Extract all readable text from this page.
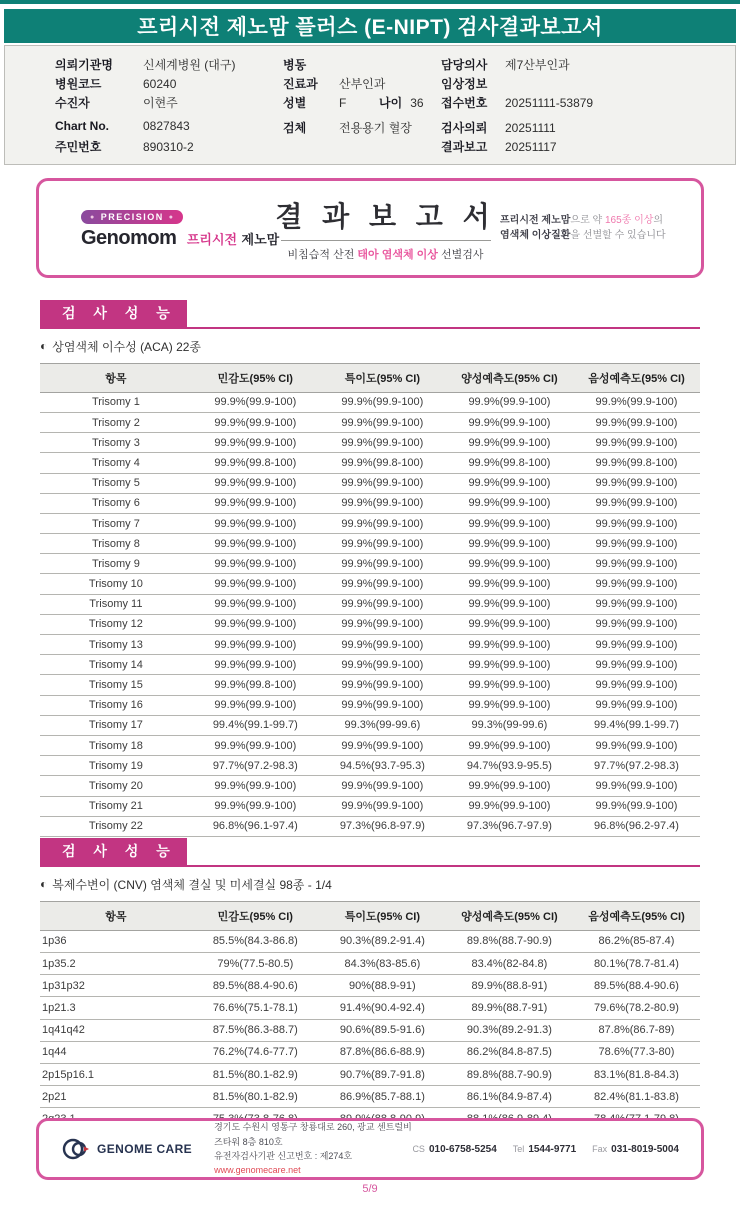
프리시전 제노맘 플러스 (E-NIPT) 검사결과보고서
의뢰기관명	신세계병원 (대구)
병원코드	60240
수진자	이현주
Chart No.	0827843
주민번호	890310-2
병동
진료과	산부인과
성별	F	나이 36
검체	전용용기 혈장
담당의사	제7산부인과
임상정보
접수번호	20251111-53879
검사의뢰	20251111
결과보고	20251117
● PRECISION ●
Genomom 프리시전 제노맘

결 과 보 고 서

비침습적 산전 태아 염색체 이상 선별검사
프리시전 제노맘으로 약 165종 이상의
염색체 이상질환을 선별할 수 있습니다
검 사 성 능
◐ 상염색체 이수성 (ACA) 22종
항목	민감도(95% CI)	특이도(95% CI)	양성예측도(95% CI)	음성예측도(95% CI)
Trisomy 1	99.9%(99.9-100)	99.9%(99.9-100)	99.9%(99.9-100)	99.9%(99.9-100)
Trisomy 2	99.9%(99.9-100)	99.9%(99.9-100)	99.9%(99.9-100)	99.9%(99.9-100)
Trisomy 3	99.9%(99.9-100)	99.9%(99.9-100)	99.9%(99.9-100)	99.9%(99.9-100)
Trisomy 4	99.9%(99.8-100)	99.9%(99.8-100)	99.9%(99.8-100)	99.9%(99.8-100)
Trisomy 5	99.9%(99.9-100)	99.9%(99.9-100)	99.9%(99.9-100)	99.9%(99.9-100)
Trisomy 6	99.9%(99.9-100)	99.9%(99.9-100)	99.9%(99.9-100)	99.9%(99.9-100)
Trisomy 7	99.9%(99.9-100)	99.9%(99.9-100)	99.9%(99.9-100)	99.9%(99.9-100)
Trisomy 8	99.9%(99.9-100)	99.9%(99.9-100)	99.9%(99.9-100)	99.9%(99.9-100)
Trisomy 9	99.9%(99.9-100)	99.9%(99.9-100)	99.9%(99.9-100)	99.9%(99.9-100)
Trisomy 10	99.9%(99.9-100)	99.9%(99.9-100)	99.9%(99.9-100)	99.9%(99.9-100)
Trisomy 11	99.9%(99.9-100)	99.9%(99.9-100)	99.9%(99.9-100)	99.9%(99.9-100)
Trisomy 12	99.9%(99.9-100)	99.9%(99.9-100)	99.9%(99.9-100)	99.9%(99.9-100)
Trisomy 13	99.9%(99.9-100)	99.9%(99.9-100)	99.9%(99.9-100)	99.9%(99.9-100)
Trisomy 14	99.9%(99.9-100)	99.9%(99.9-100)	99.9%(99.9-100)	99.9%(99.9-100)
Trisomy 15	99.9%(99.8-100)	99.9%(99.9-100)	99.9%(99.9-100)	99.9%(99.9-100)
Trisomy 16	99.9%(99.9-100)	99.9%(99.9-100)	99.9%(99.9-100)	99.9%(99.9-100)
Trisomy 17	99.4%(99.1-99.7)	99.3%(99-99.6)	99.3%(99-99.6)	99.4%(99.1-99.7)
Trisomy 18	99.9%(99.9-100)	99.9%(99.9-100)	99.9%(99.9-100)	99.9%(99.9-100)
Trisomy 19	97.7%(97.2-98.3)	94.5%(93.7-95.3)	94.7%(93.9-95.5)	97.7%(97.2-98.3)
Trisomy 20	99.9%(99.9-100)	99.9%(99.9-100)	99.9%(99.9-100)	99.9%(99.9-100)
Trisomy 21	99.9%(99.9-100)	99.9%(99.9-100)	99.9%(99.9-100)	99.9%(99.9-100)
Trisomy 22	96.8%(96.1-97.4)	97.3%(96.8-97.9)	97.3%(96.7-97.9)	96.8%(96.2-97.4)
검 사 성 능
◐ 복제수변이 (CNV) 염색체 결실 및 미세결실 98종 - 1/4
항목	민감도(95% CI)	특이도(95% CI)	양성예측도(95% CI)	음성예측도(95% CI)
1p36	85.5%(84.3-86.8)	90.3%(89.2-91.4)	89.8%(88.7-90.9)	86.2%(85-87.4)
1p35.2	79%(77.5-80.5)	84.3%(83-85.6)	83.4%(82-84.8)	80.1%(78.7-81.4)
1p31p32	89.5%(88.4-90.6)	90%(88.9-91)	89.9%(88.8-91)	89.5%(88.4-90.6)
1p21.3	76.6%(75.1-78.1)	91.4%(90.4-92.4)	89.9%(88.7-91)	79.6%(78.2-80.9)
1q41q42	87.5%(86.3-88.7)	90.6%(89.5-91.6)	90.3%(89.2-91.3)	87.8%(86.7-89)
1q44	76.2%(74.6-77.7)	87.8%(86.6-88.9)	86.2%(84.8-87.5)	78.6%(77.3-80)
2p15p16.1	81.5%(80.1-82.9)	90.7%(89.7-91.8)	89.8%(88.7-90.9)	83.1%(81.8-84.3)
2p21	81.5%(80.1-82.9)	86.9%(85.7-88.1)	86.1%(84.9-87.4)	82.4%(81.1-83.8)

GENOME CARE
경기도 수원시 영통구 창룡대로 260, 광교 센트럴비즈타워 8층 810호
유전자검사기관 신고번호 : 제274호
www.genomecare.net
CS 010-6758-5254 Tel 1544-9771 Fax 031-8019-5004
5/9
